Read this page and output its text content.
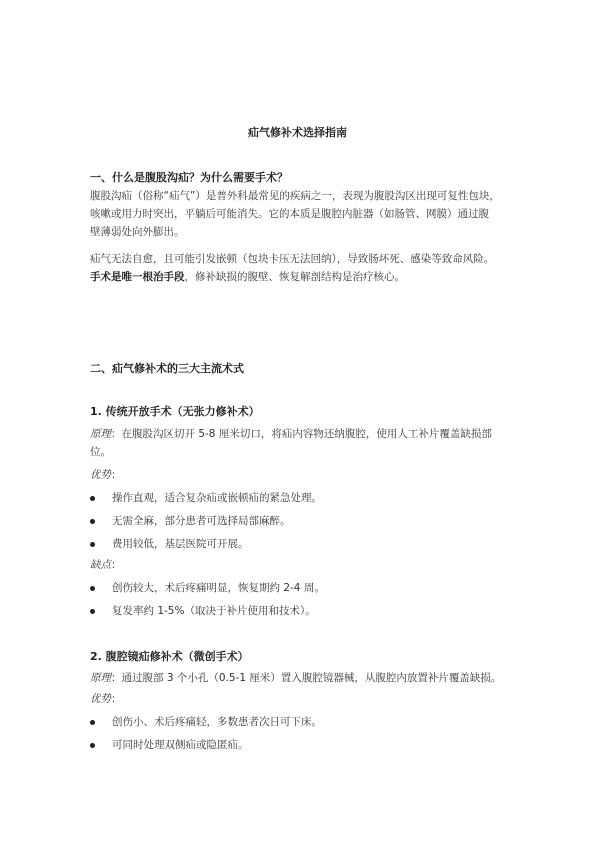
疝气修补术选择指南
一、什么是腹股沟疝？为什么需要手术？
腹股沟疝（俗称“疝气”）是普外科最常见的疾病之一，表现为腹股沟区出现可复性包块，
咳嗽或用力时突出，平躺后可能消失。它的本质是腹腔内脏器（如肠管、网膜）通过腹
壁薄弱处向外膨出。
疝气无法自愈，且可能引发嵌顿（包块卡压无法回纳），导致肠坏死、感染等致命风险。
手术是唯一根治手段，修补缺损的腹壁、恢复解剖结构是治疗核心。
二、疝气修补术的三大主流术式
1. 传统开放手术（无张力修补术）
原理：在腹股沟区切开 5-8 厘米切口，将疝内容物还纳腹腔，使用人工补片覆盖缺损部
位。
优势：
操作直观，适合复杂疝或嵌顿疝的紧急处理。
无需全麻，部分患者可选择局部麻醉。
费用较低，基层医院可开展。
缺点：
创伤较大，术后疼痛明显，恢复期约 2-4 周。
复发率约 1-5%（取决于补片使用和技术）。
2. 腹腔镜疝修补术（微创手术）
原理：通过腹部 3 个小孔（0.5-1 厘米）置入腹腔镜器械，从腹腔内放置补片覆盖缺损。
优势：
创伤小、术后疼痛轻，多数患者次日可下床。
可同时处理双侧疝或隐匿疝。
